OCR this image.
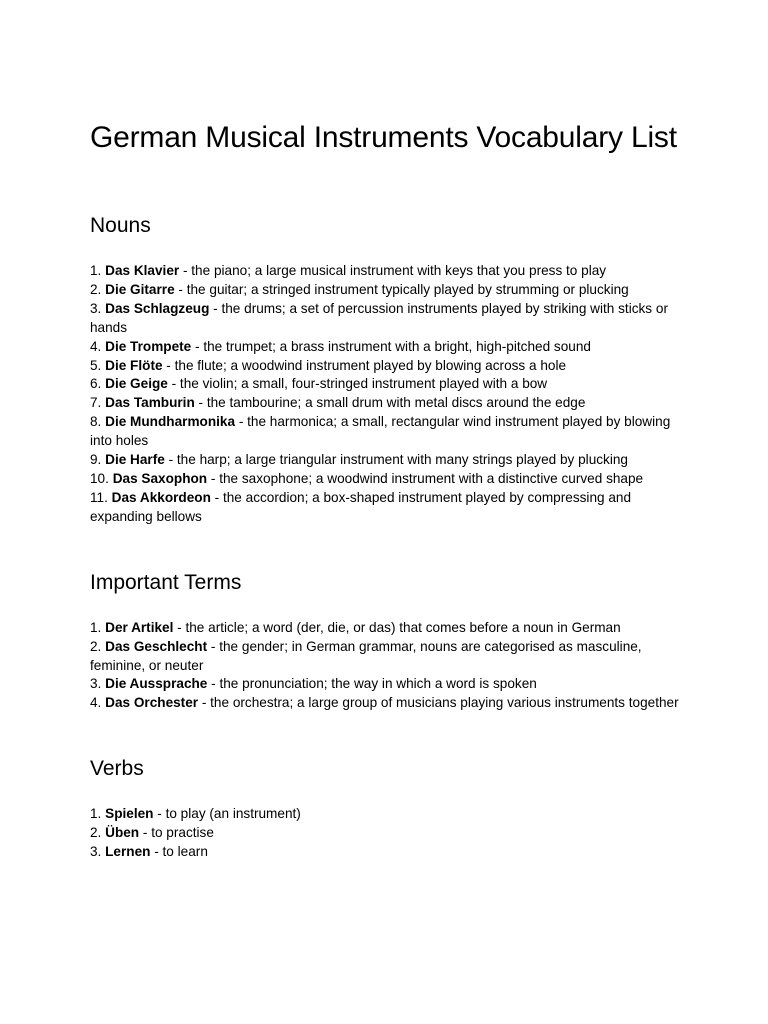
German Musical Instruments Vocabulary List
Nouns
1. Das Klavier - the piano; a large musical instrument with keys that you press to play
2. Die Gitarre - the guitar; a stringed instrument typically played by strumming or plucking
3. Das Schlagzeug - the drums; a set of percussion instruments played by striking with sticks or hands
4. Die Trompete - the trumpet; a brass instrument with a bright, high-pitched sound
5. Die Flöte - the flute; a woodwind instrument played by blowing across a hole
6. Die Geige - the violin; a small, four-stringed instrument played with a bow
7. Das Tamburin - the tambourine; a small drum with metal discs around the edge
8. Die Mundharmonika - the harmonica; a small, rectangular wind instrument played by blowing into holes
9. Die Harfe - the harp; a large triangular instrument with many strings played by plucking
10. Das Saxophon - the saxophone; a woodwind instrument with a distinctive curved shape
11. Das Akkordeon - the accordion; a box-shaped instrument played by compressing and expanding bellows
Important Terms
1. Der Artikel - the article; a word (der, die, or das) that comes before a noun in German
2. Das Geschlecht - the gender; in German grammar, nouns are categorised as masculine, feminine, or neuter
3. Die Aussprache - the pronunciation; the way in which a word is spoken
4. Das Orchester - the orchestra; a large group of musicians playing various instruments together
Verbs
1. Spielen - to play (an instrument)
2. Üben - to practise
3. Lernen - to learn
